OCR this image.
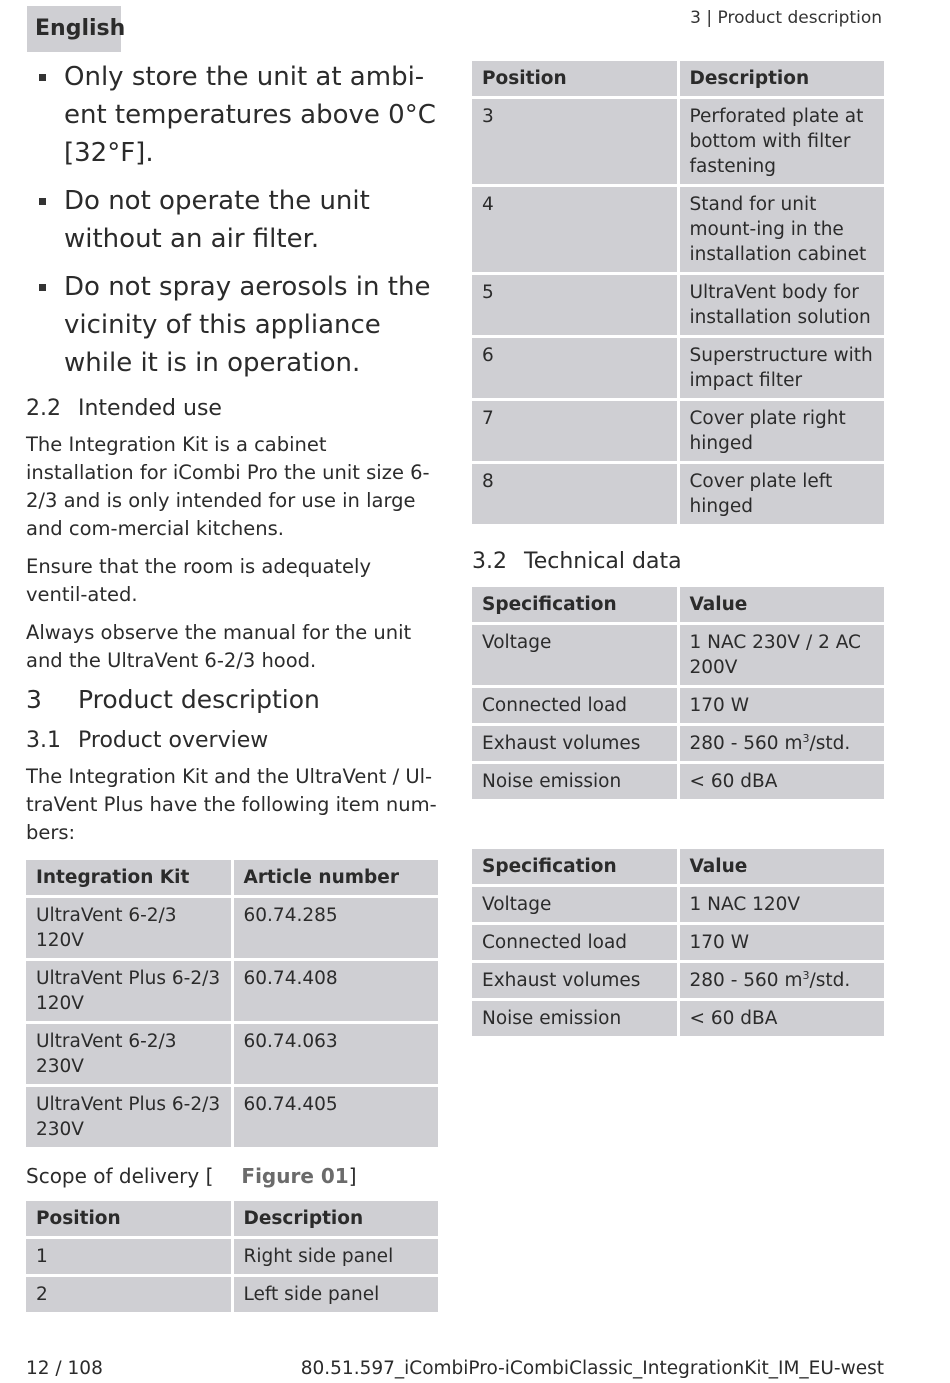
English	3 | Product description
Only store the unit at ambi-ent temperatures above 0°C [32°F].
Do not operate the unit without an air filter.
Do not spray aerosols in the vicinity of this appliance while it is in operation.
2.2 Intended use

The Integration Kit is a cabinet installation for iCombi Pro the unit size 6-2/3 and is only intended for use in large and com-mercial kitchens.

Ensure that the room is adequately ventil-ated.

Always observe the manual for the unit and the UltraVent 6-2/3 hood.

3 Product description
3.1 Product overview

The Integration Kit and the UltraVent / Ul-traVent Plus have the following item num-bers:

Integration Kit	Article number
UltraVent 6-2/3 120V	60.74.285
UltraVent Plus 6-2/3 120V	60.74.408
UltraVent 6-2/3 230V	60.74.063
UltraVent Plus 6-2/3 230V	60.74.405
Scope of delivery [ Figure 01]
Position	Description
1	Right side panel
2	Left side panel
Position	Description
3	Perforated plate at bottom with filter fastening
4	Stand for unit mount-ing in the installation cabinet
5	UltraVent body for installation solution
6	Superstructure with impact filter
7	Cover plate right hinged
8	Cover plate left hinged
3.2 Technical data
Specification	Value
Voltage	1 NAC 230V / 2 AC 200V
Connected load	170 W
Exhaust volumes	280 - 560 $m^3$/std.
Noise emission	< 60 dBA
Specification	Value
Voltage	1 NAC 120V
Connected load	170 W
Exhaust volumes	280 - 560 $m^3$/std.
Noise emission	< 60 dBA
12 / 108	80.51.597_iCombiPro-iCombiClassic_IntegrationKit_IM_EU-west
